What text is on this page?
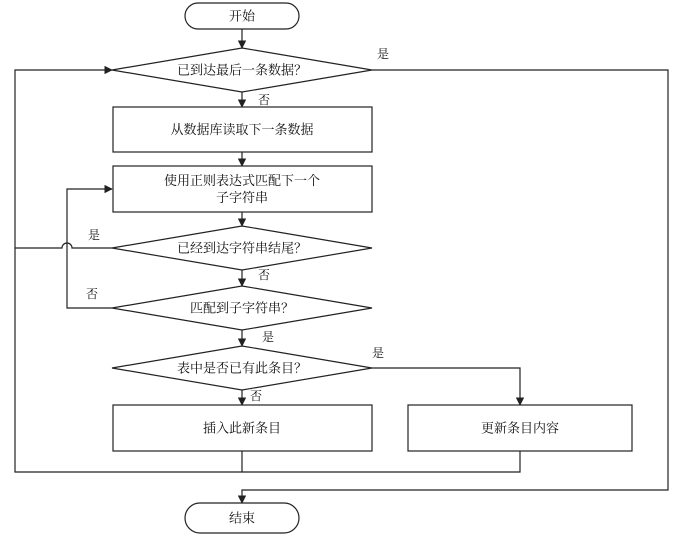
开始
已到达最后一条数据？
从数据库读取下一条数据
使用正则表达式匹配下一个
子字符串
已经到达字符串结尾？
匹配到子字符串？
表中是否已有此条目？
插入此新条目	更新条目内容
结束
是
否
是
否
否
是
是
否
